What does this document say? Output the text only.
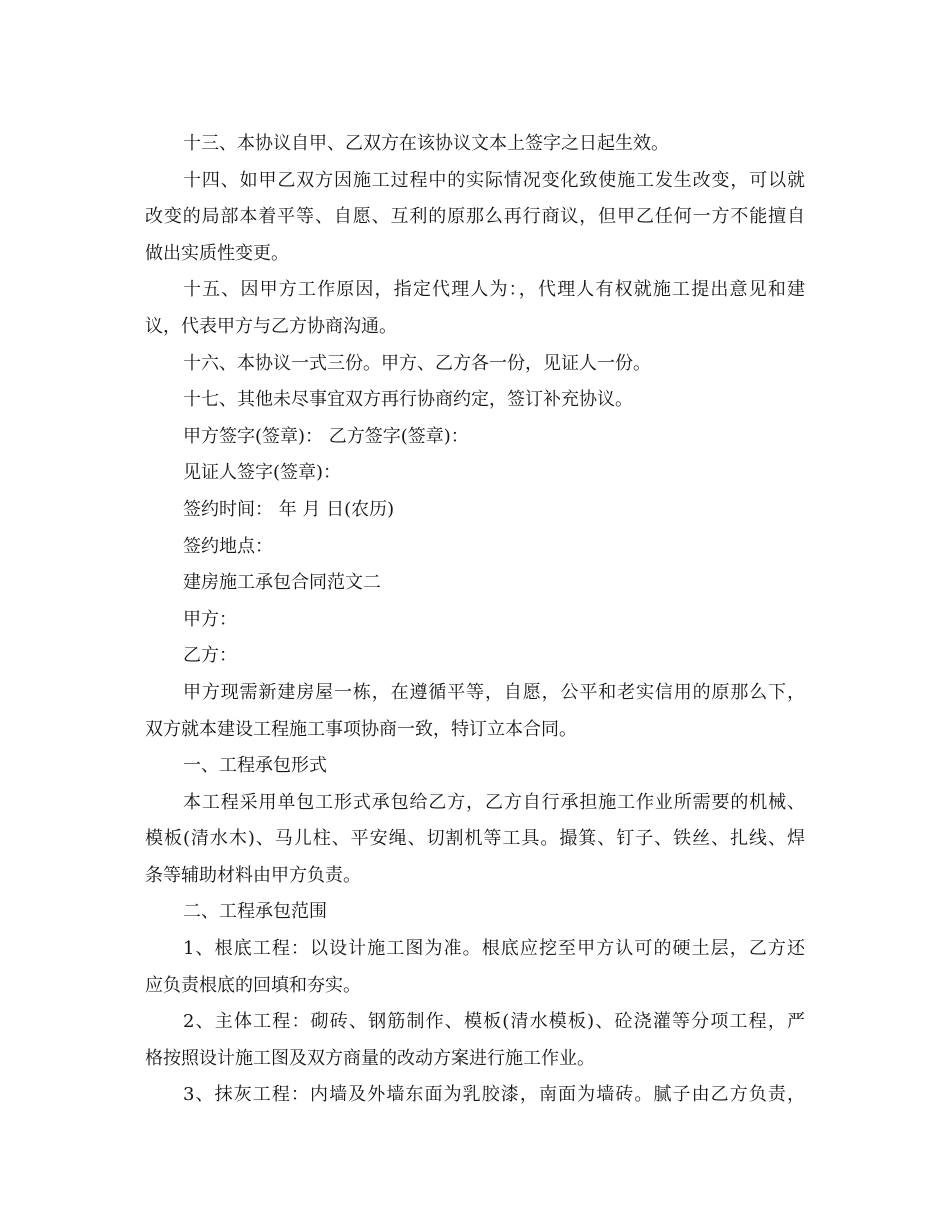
十三、本协议自甲、乙双方在该协议文本上签字之日起生效。
十四、如甲乙双方因施工过程中的实际情况变化致使施工发生改变，可以就
改变的局部本着平等、自愿、互利的原那么再行商议，但甲乙任何一方不能擅自
做出实质性变更。
十五、因甲方工作原因，指定代理人为：，代理人有权就施工提出意见和建
议，代表甲方与乙方协商沟通。
十六、本协议一式三份。甲方、乙方各一份，见证人一份。
十七、其他未尽事宜双方再行协商约定，签订补充协议。
甲方签字(签章)： 乙方签字(签章)：
见证人签字(签章)：
签约时间： 年 月 日(农历)
签约地点：
建房施工承包合同范文二
甲方：
乙方：
甲方现需新建房屋一栋，在遵循平等，自愿，公平和老实信用的原那么下，
双方就本建设工程施工事项协商一致，特订立本合同。
一、工程承包形式
本工程采用单包工形式承包给乙方，乙方自行承担施工作业所需要的机械、
模板(清水木)、马儿柱、平安绳、切割机等工具。撮箕、钉子、铁丝、扎线、焊
条等辅助材料由甲方负责。
二、工程承包范围
1、根底工程：以设计施工图为准。根底应挖至甲方认可的硬土层，乙方还
应负责根底的回填和夯实。
2、主体工程：砌砖、钢筋制作、模板(清水模板)、砼浇灌等分项工程，严
格按照设计施工图及双方商量的改动方案进行施工作业。
3、抹灰工程：内墙及外墙东面为乳胶漆，南面为墙砖。腻子由乙方负责，
